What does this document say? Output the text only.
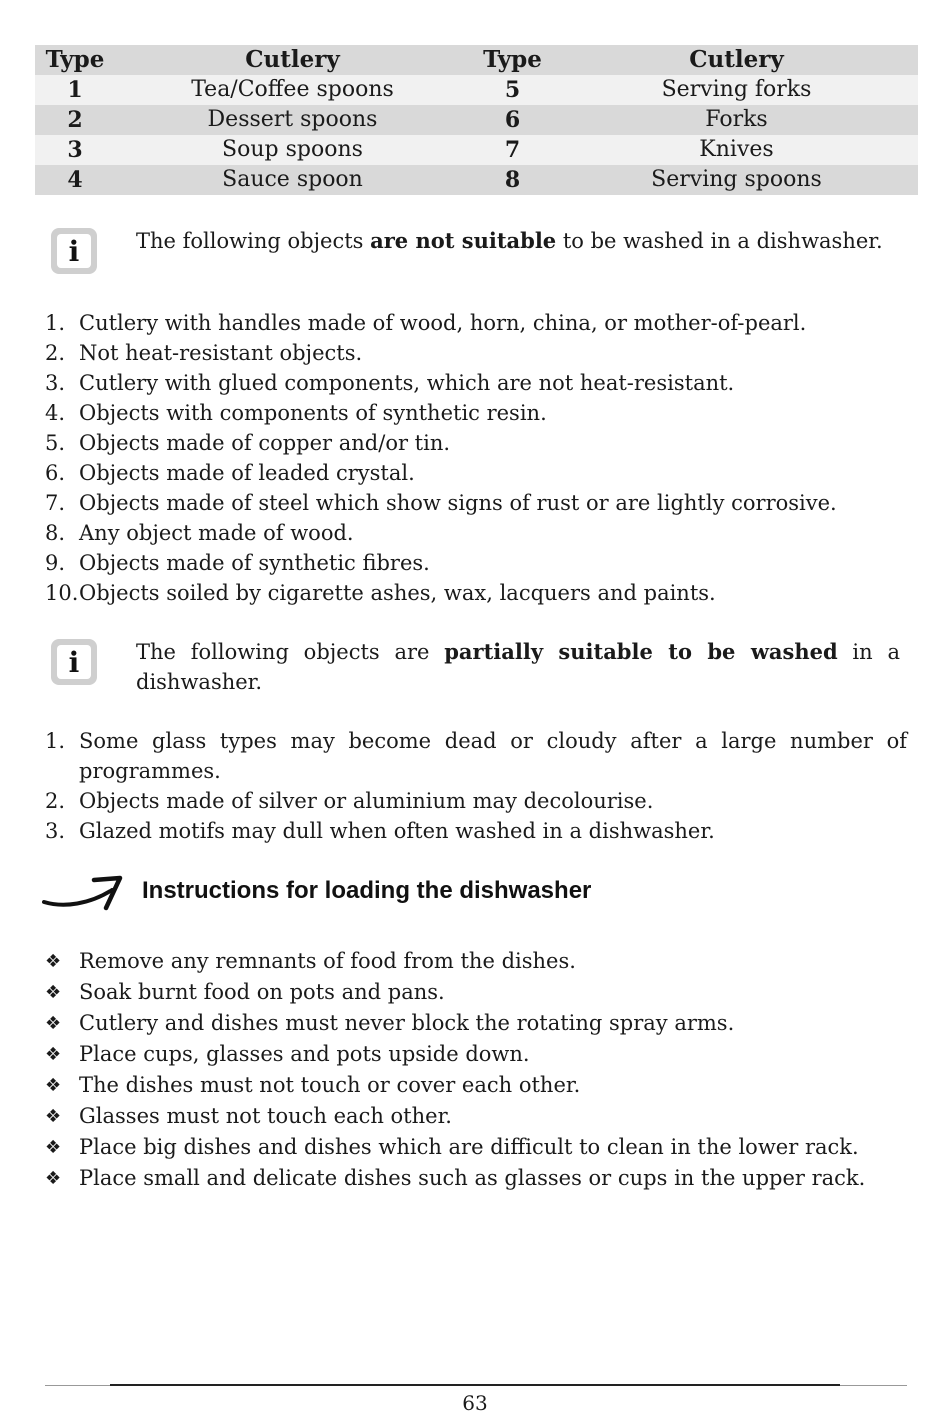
Type	Cutlery	Type	Cutlery
1	Tea/Coffee spoons	5	Serving forks
2	Dessert spoons	6	Forks
3	Soup spoons	7	Knives
4	Sauce spoon	8	Serving spoons
i	The following objects are not suitable to be washed in a dishwasher.
1. Cutlery with handles made of wood, horn, china, or mother-of-pearl.
2. Not heat-resistant objects.
3. Cutlery with glued components, which are not heat-resistant.
4. Objects with components of synthetic resin.
5. Objects made of copper and/or tin.
6. Objects made of leaded crystal.
7. Objects made of steel which show signs of rust or are lightly corrosive.
8. Any object made of wood.
9. Objects made of synthetic fibres.
10. Objects soiled by cigarette ashes, wax, lacquers and paints.
i	The following objects are partially suitable to be washed in a dishwasher.
1. Some glass types may become dead or cloudy after a large number of programmes.
2. Objects made of silver or aluminium may decolourise.
3. Glazed motifs may dull when often washed in a dishwasher.
Instructions for loading the dishwasher
❖ Remove any remnants of food from the dishes.
❖ Soak burnt food on pots and pans.
❖ Cutlery and dishes must never block the rotating spray arms.
❖ Place cups, glasses and pots upside down.
❖ The dishes must not touch or cover each other.
❖ Glasses must not touch each other.
❖ Place big dishes and dishes which are difficult to clean in the lower rack.
❖ Place small and delicate dishes such as glasses or cups in the upper rack.
63
